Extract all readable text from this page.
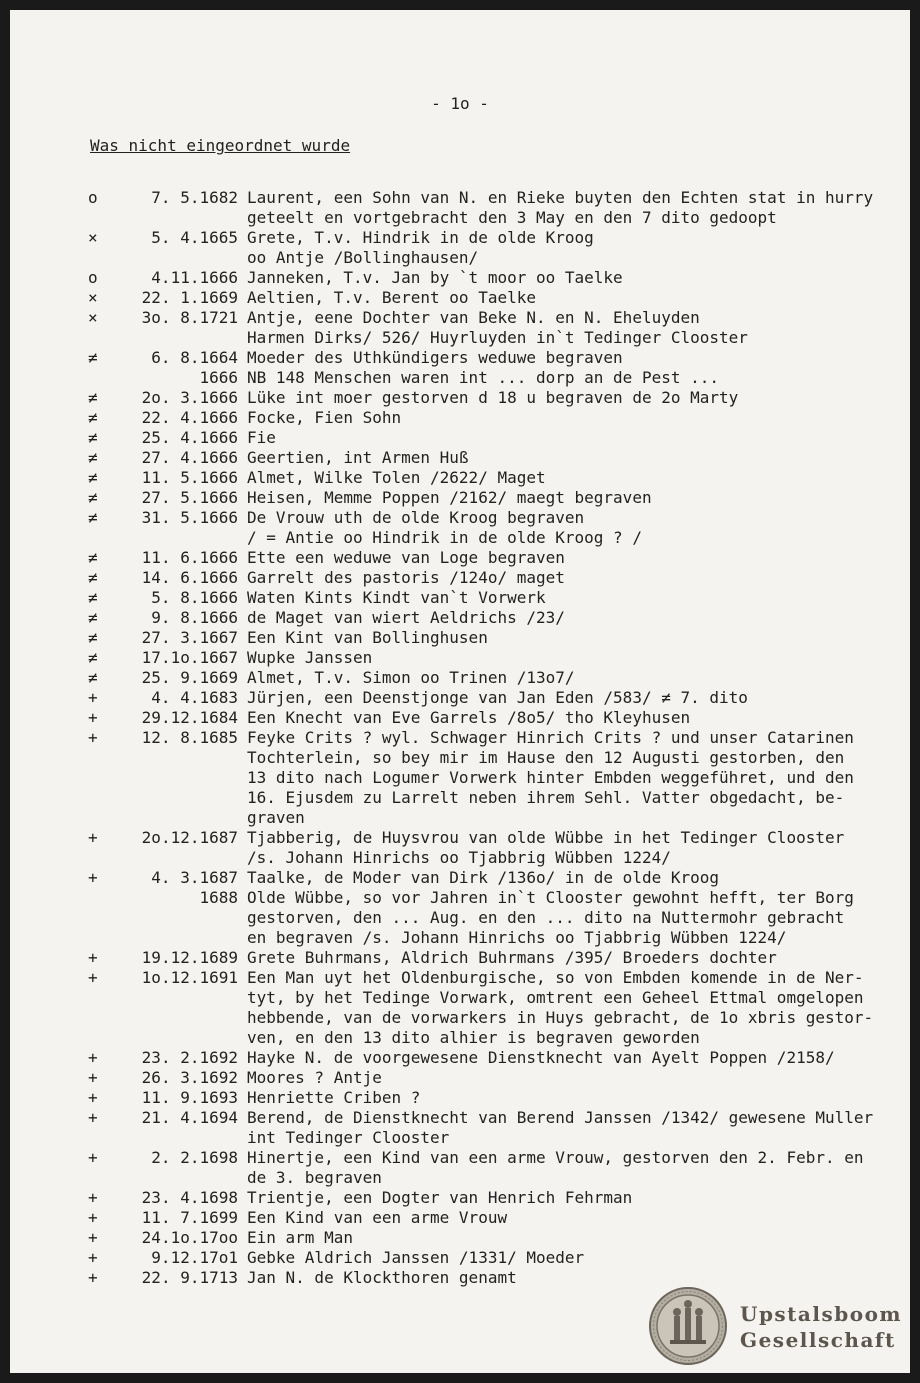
- 1o -
Was nicht eingeordnet wurde
o	7. 5.1682 Laurent, een Sohn van N. en Rieke buyten den Echten stat in hurry
geteelt en vortgebracht den 3 May en den 7 dito gedoopt
×	5. 4.1665 Grete, T.v. Hindrik in de olde Kroog
oo Antje /Bollinghausen/
o	4.11.1666 Janneken, T.v. Jan by `t moor oo Taelke
×	22. 1.1669 Aeltien, T.v. Berent oo Taelke
×	3o. 8.1721 Antje, eene Dochter van Beke N. en N. Eheluyden
Harmen Dirks/ 526/ Huyrluyden in`t Tedinger Clooster
≠	6. 8.1664 Moeder des Uthkündigers weduwe begraven
1666 NB 148 Menschen waren int ... dorp an de Pest ...
≠	2o. 3.1666 Lüke int moer gestorven d 18 u begraven de 2o Marty
≠	22. 4.1666 Focke, Fien Sohn
≠	25. 4.1666 Fie
≠	27. 4.1666 Geertien, int Armen Huß
≠	11. 5.1666 Almet, Wilke Tolen /2622/ Maget
≠	27. 5.1666 Heisen, Memme Poppen /2162/ maegt begraven
≠	31. 5.1666 De Vrouw uth de olde Kroog begraven
/ = Antie oo Hindrik in de olde Kroog ? /
≠	11. 6.1666 Ette een weduwe van Loge begraven
≠	14. 6.1666 Garrelt des pastoris /124o/ maget
≠	5. 8.1666 Waten Kints Kindt van`t Vorwerk
≠	9. 8.1666 de Maget van wiert Aeldrichs /23/
≠	27. 3.1667 Een Kint van Bollinghusen
≠	17.1o.1667 Wupke Janssen
≠	25. 9.1669 Almet, T.v. Simon oo Trinen /13o7/
+	4. 4.1683 Jürjen, een Deenstjonge van Jan Eden /583/ ≠ 7. dito
+	29.12.1684 Een Knecht van Eve Garrels /8o5/ tho Kleyhusen
+	12. 8.1685 Feyke Crits ? wyl. Schwager Hinrich Crits ? und unser Catarinen
Tochterlein, so bey mir im Hause den 12 Augusti gestorben, den
13 dito nach Logumer Vorwerk hinter Embden weggeführet, und den
16. Ejusdem zu Larrelt neben ihrem Sehl. Vatter obgedacht, be-
graven
+	2o.12.1687 Tjabberig, de Huysvrou van olde Wübbe in het Tedinger Clooster
/s. Johann Hinrichs oo Tjabbrig Wübben 1224/
+	4. 3.1687 Taalke, de Moder van Dirk /136o/ in de olde Kroog
1688 Olde Wübbe, so vor Jahren in`t Clooster gewohnt hefft, ter Borg
gestorven, den ... Aug. en den ... dito na Nuttermohr gebracht
en begraven /s. Johann Hinrichs oo Tjabbrig Wübben 1224/
+	19.12.1689 Grete Buhrmans, Aldrich Buhrmans /395/ Broeders dochter
+	1o.12.1691 Een Man uyt het Oldenburgische, so von Embden komende in de Ner-
tyt, by het Tedinge Vorwark, omtrent een Geheel Ettmal omgelopen
hebbende, van de vorwarkers in Huys gebracht, de 1o xbris gestor-
ven, en den 13 dito alhier is begraven geworden
+	23. 2.1692 Hayke N. de voorgewesene Dienstknecht van Ayelt Poppen /2158/
+	26. 3.1692 Moores ? Antje
+	11. 9.1693 Henriette Criben ?
+	21. 4.1694 Berend, de Dienstknecht van Berend Janssen /1342/ gewesene Muller
int Tedinger Clooster
+	2. 2.1698 Hinertje, een Kind van een arme Vrouw, gestorven den 2. Febr. en
de 3. begraven
+	23. 4.1698 Trientje, een Dogter van Henrich Fehrman
+	11. 7.1699 Een Kind van een arme Vrouw
+	24.1o.17oo Ein arm Man
+	9.12.17o1 Gebke Aldrich Janssen /1331/ Moeder
+	22. 9.1713 Jan N. de Klockthoren genamt
Upstalsboom
Gesellschaft
